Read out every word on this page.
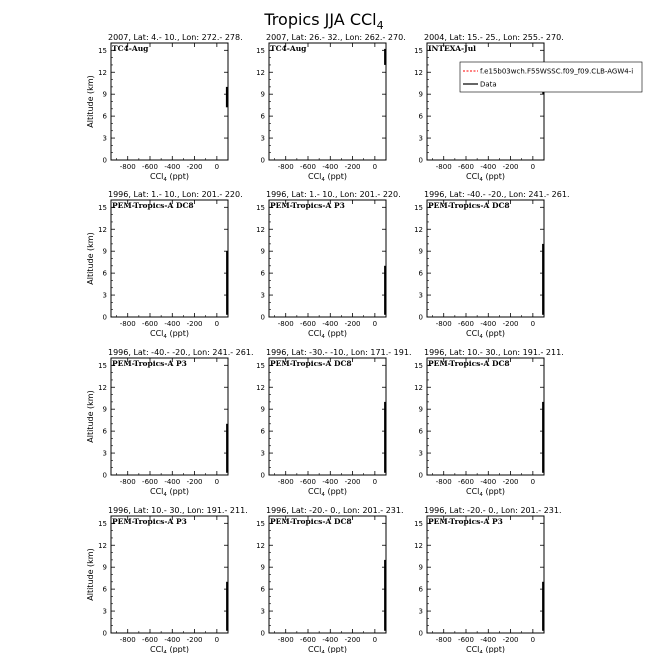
Tropics JJA CCl$_4$
2007, Lat: 4.- 10., Lon: 272.- 278.
TC4-Aug
-800 -600 -400 -200 0
0
3
6
9
12
15
CCl$_4$ (ppt)
Altitude (km)
2007, Lat: 26.- 32., Lon: 262.- 270.
TC4-Aug
-800 -600 -400 -200 0
0
3
6
9
12
15
CCl$_4$ (ppt)
2004, Lat: 15.- 25., Lon: 255.- 270.
INTEXA-Jul
-800 -600 -400 -200 0
0
3
6
9
12
15
CCl$_4$ (ppt)
1996, Lat: 1.- 10., Lon: 201.- 220.
PEM-Tropics-A DC8
-800 -600 -400 -200 0
0
3
6
9
12
15
CCl$_4$ (ppt)
Altitude (km)
1996, Lat: 1.- 10., Lon: 201.- 220.
PEM-Tropics-A P3
-800 -600 -400 -200 0
0
3
6
9
12
15
CCl$_4$ (ppt)
1996, Lat: -40.- -20., Lon: 241.- 261.
PEM-Tropics-A DC8
-800 -600 -400 -200 0
0
3
6
9
12
15
CCl$_4$ (ppt)
1996, Lat: -40.- -20., Lon: 241.- 261.
PEM-Tropics-A P3
-800 -600 -400 -200 0
0
3
6
9
12
15
CCl$_4$ (ppt)
Altitude (km)
1996, Lat: -30.- -10., Lon: 171.- 191.
PEM-Tropics-A DC8
-800 -600 -400 -200 0
0
3
6
9
12
15
CCl$_4$ (ppt)
1996, Lat: 10.- 30., Lon: 191.- 211.
PEM-Tropics-A DC8
-800 -600 -400 -200 0
0
3
6
9
12
15
CCl$_4$ (ppt)
1996, Lat: 10.- 30., Lon: 191.- 211.
PEM-Tropics-A P3
-800 -600 -400 -200 0
0
3
6
9
12
15
CCl$_4$ (ppt)
Altitude (km)
1996, Lat: -20.- 0., Lon: 201.- 231.
PEM-Tropics-A DC8
-800 -600 -400 -200 0
0
3
6
9
12
15
CCl$_4$ (ppt)
1996, Lat: -20.- 0., Lon: 201.- 231.
PEM-Tropics-A P3
-800 -600 -400 -200 0
0
3
6
9
12
15
CCl$_4$ (ppt)
f.e15b03wch.F55WSSC.f09_f09.CLB-AGW4-i
Data
